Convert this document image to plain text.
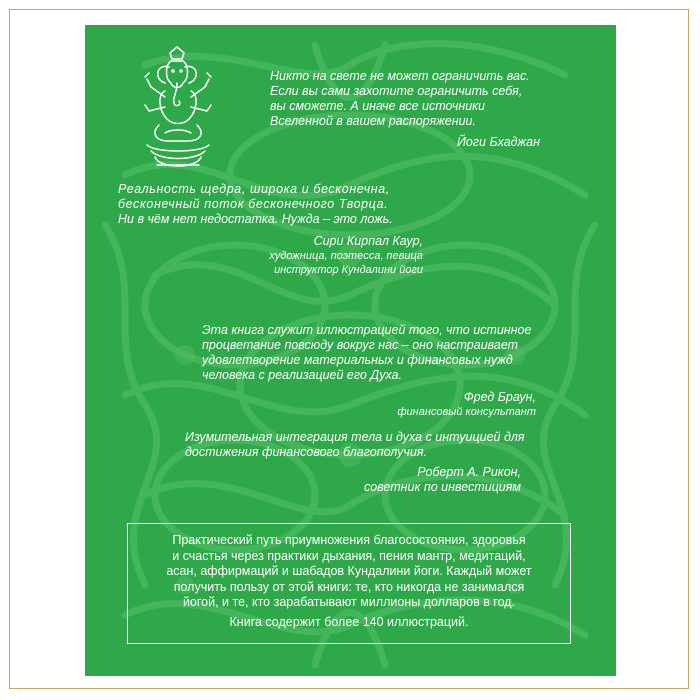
Никто на свете не может ограничить вас.
Если вы сами захотите ограничить себя,
вы сможете. А иначе все источники
Вселенной в вашем распоряжении.
Йоги Бхаджан
Реальность щедра, широка и бесконечна,
бесконечный поток бесконечного Творца.
Ни в чём нет недостатка. Нужда – это ложь.
Сири Кирпал Каур,
художница, поэтесса, певица
инструктор Кундалини йоги
Эта книга служит иллюстрацией того, что истинное
процветание повсюду вокруг нас – оно настраивает
удовлетворение материальных и финансовых нужд
человека с реализацией его Духа.
Фред Браун,
финансовый консультант
Изумительная интеграция тела и духа с интуицией для
достижения финансового благополучия.
Роберт А. Рикон,
советник по инвестициям
Практический путь приумножения благосостояния, здоровья
и счастья через практики дыхания, пения мантр, медитаций,
асан, аффирмаций и шабадов Кундалини йоги. Каждый может
получить пользу от этой книги: те, кто никогда не занимался
йогой, и те, кто зарабатывают миллионы долларов в год.
Книга содержит более 140 иллюстраций.
